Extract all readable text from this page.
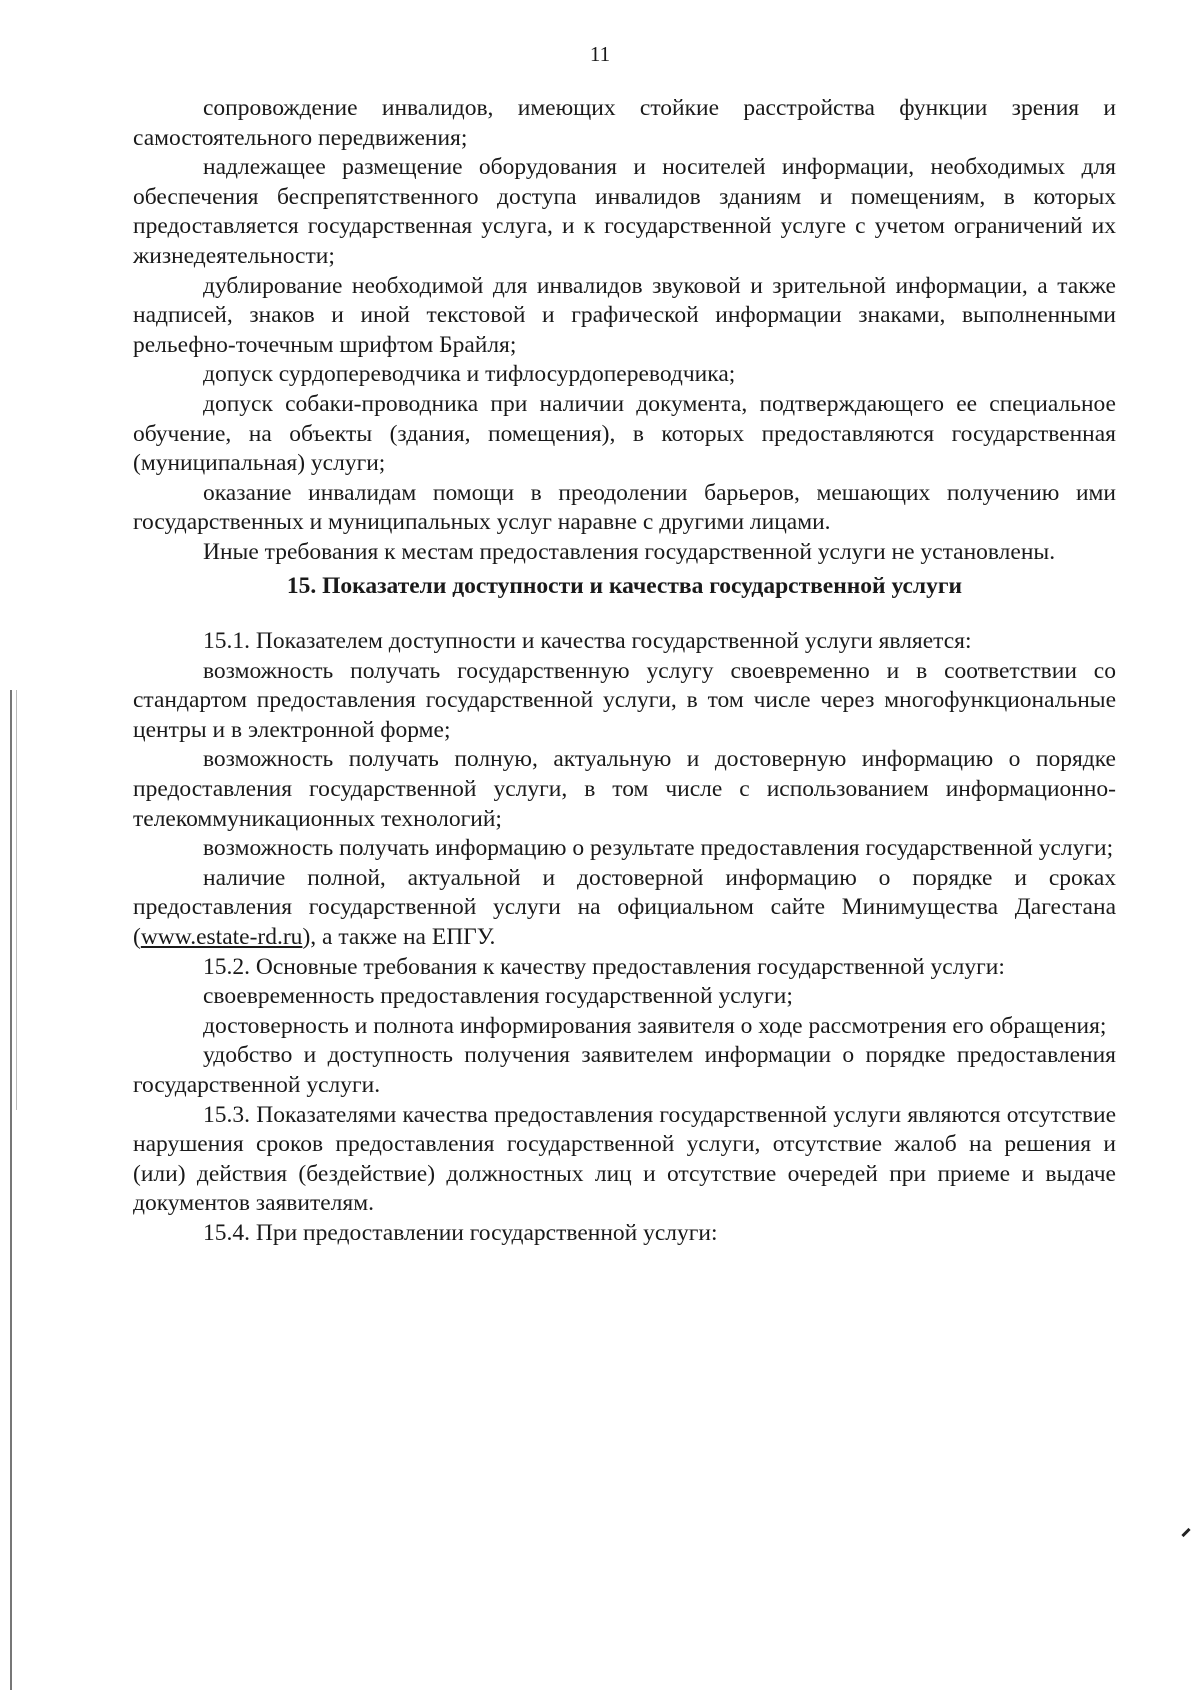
11

сопровождение инвалидов, имеющих стойкие расстройства функции зрения и самостоятельного передвижения;

надлежащее размещение оборудования и носителей информации, необходимых для обеспечения беспрепятственного доступа инвалидов зданиям и помещениям, в которых предоставляется государственная услуга, и к государственной услуге с учетом ограничений их жизнедеятельности;

дублирование необходимой для инвалидов звуковой и зрительной информации, а также надписей, знаков и иной текстовой и графической информации знаками, выполненными рельефно-точечным шрифтом Брайля;

допуск сурдопереводчика и тифлосурдопереводчика;

допуск собаки-проводника при наличии документа, подтверждающего ее специальное обучение, на объекты (здания, помещения), в которых предоставляются государственная (муниципальная) услуги;

оказание инвалидам помощи в преодолении барьеров, мешающих получению ими государственных и муниципальных услуг наравне с другими лицами.

Иные требования к местам предоставления государственной услуги не установлены.

15. Показатели доступности и качества государственной услуги

15.1. Показателем доступности и качества государственной услуги является:

возможность получать государственную услугу своевременно и в соответствии со стандартом предоставления государственной услуги, в том числе через многофункциональные центры и в электронной форме;

возможность получать полную, актуальную и достоверную информацию о порядке предоставления государственной услуги, в том числе с использованием информационно-телекоммуникационных технологий;

возможность получать информацию о результате предоставления государственной услуги;

наличие полной, актуальной и достоверной информацию о порядке и сроках предоставления государственной услуги на официальном сайте Минимущества Дагестана (www.estate-rd.ru), а также на ЕПГУ.

15.2. Основные требования к качеству предоставления государственной услуги:

своевременность предоставления государственной услуги;

достоверность и полнота информирования заявителя о ходе рассмотрения его обращения;

удобство и доступность получения заявителем информации о порядке предоставления государственной услуги.

15.3. Показателями качества предоставления государственной услуги являются отсутствие нарушения сроков предоставления государственной услуги, отсутствие жалоб на решения и (или) действия (бездействие) должностных лиц и отсутствие очередей при приеме и выдаче документов заявителям.

15.4. При предоставлении государственной услуги:
